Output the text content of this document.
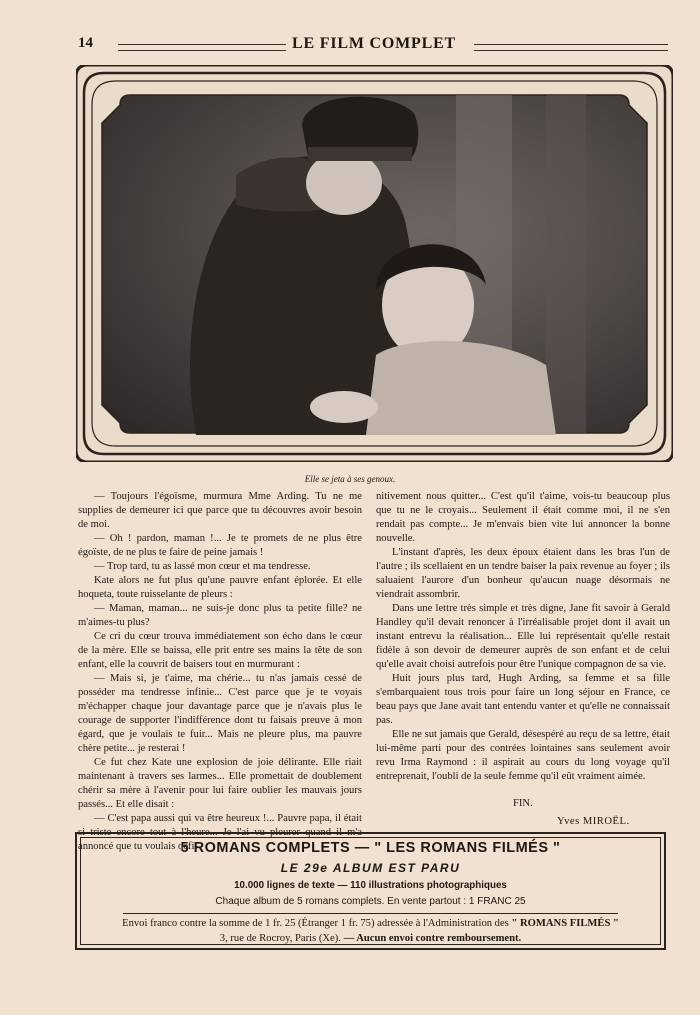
14	LE FILM COMPLET
Elle se jeta à ses genoux.

— Toujours l'égoïsme, murmura Mme Arding. Tu ne me supplies de demeurer ici que parce que tu découvres avoir besoin de moi.

— Oh ! pardon, maman !... Je te promets de ne plus être égoïste, de ne plus te faire de peine jamais !

— Trop tard, tu as lassé mon cœur et ma tendresse.

Kate alors ne fut plus qu'une pauvre enfant éplorée. Et elle hoqueta, toute ruisselante de pleurs :

— Maman, maman... ne suis-je donc plus ta petite fille? ne m'aimes-tu plus?

Ce cri du cœur trouva immédiatement son écho dans le cœur de la mère. Elle se baissa, elle prit entre ses mains la tête de son enfant, elle la couvrit de baisers tout en murmurant :

— Mais si, je t'aime, ma chérie... tu n'as jamais cessé de posséder ma tendresse infinie... C'est parce que je te voyais m'échapper chaque jour davantage parce que je n'avais plus le courage de supporter l'indifférence dont tu faisais preuve à mon égard, que je voulais te fuir... Mais ne pleure plus, ma pauvre chère petite... je resterai !

Ce fut chez Kate une explosion de joie délirante. Elle riait maintenant à travers ses larmes... Elle promettait de doublement chérir sa mère à l'avenir pour lui faire oublier les mauvais jours passés... Et elle disait :

— C'est papa aussi qui va être heureux !... Pauvre papa, il était si triste encore tout à l'heure... Je l'ai vu pleurer quand il m'a annoncé que tu voulais défi-

nitivement nous quitter... C'est qu'il t'aime, vois-tu beaucoup plus que tu ne le croyais... Seulement il était comme moi, il ne s'en rendait pas compte... Je m'envais bien vite lui annoncer la bonne nouvelle.

L'instant d'après, les deux époux étaient dans les bras l'un de l'autre ; ils scellaient en un tendre baiser la paix revenue au foyer ; ils saluaient l'aurore d'un bonheur qu'aucun nuage désormais ne viendrait assombrir.

Dans une lettre très simple et très digne, Jane fit savoir à Gerald Handley qu'il devait renoncer à l'irréalisable projet dont il avait un instant entrevu la réalisation... Elle lui représentait qu'elle restait fidèle à son devoir de demeurer auprès de son enfant et de celui qu'elle avait choisi autrefois pour être l'unique compagnon de sa vie.

Huit jours plus tard, Hugh Arding, sa femme et sa fille s'embarquaient tous trois pour faire un long séjour en France, ce beau pays que Jane avait tant entendu vanter et qu'elle ne connaissait pas.

Elle ne sut jamais que Gerald, désespéré au reçu de sa lettre, était lui-même parti pour des contrées lointaines sans seulement avoir revu Irma Raymond : il aspirait au cours du long voyage qu'il entreprenait, l'oubli de la seule femme qu'il eût vraiment aimée.

FIN.
Yves MIROËL.
5 ROMANS COMPLETS — " LES ROMANS FILMÉS "
LE 29e ALBUM EST PARU
10.000 lignes de texte — 110 illustrations photographiques
Chaque album de 5 romans complets. En vente partout : 1 FRANC 25
Envoi franco contre la somme de 1 fr. 25 (Étranger 1 fr. 75) adressée à l'Administration des " ROMANS FILMÉS "
3, rue de Rocroy, Paris (Xe). — Aucun envoi contre remboursement.
